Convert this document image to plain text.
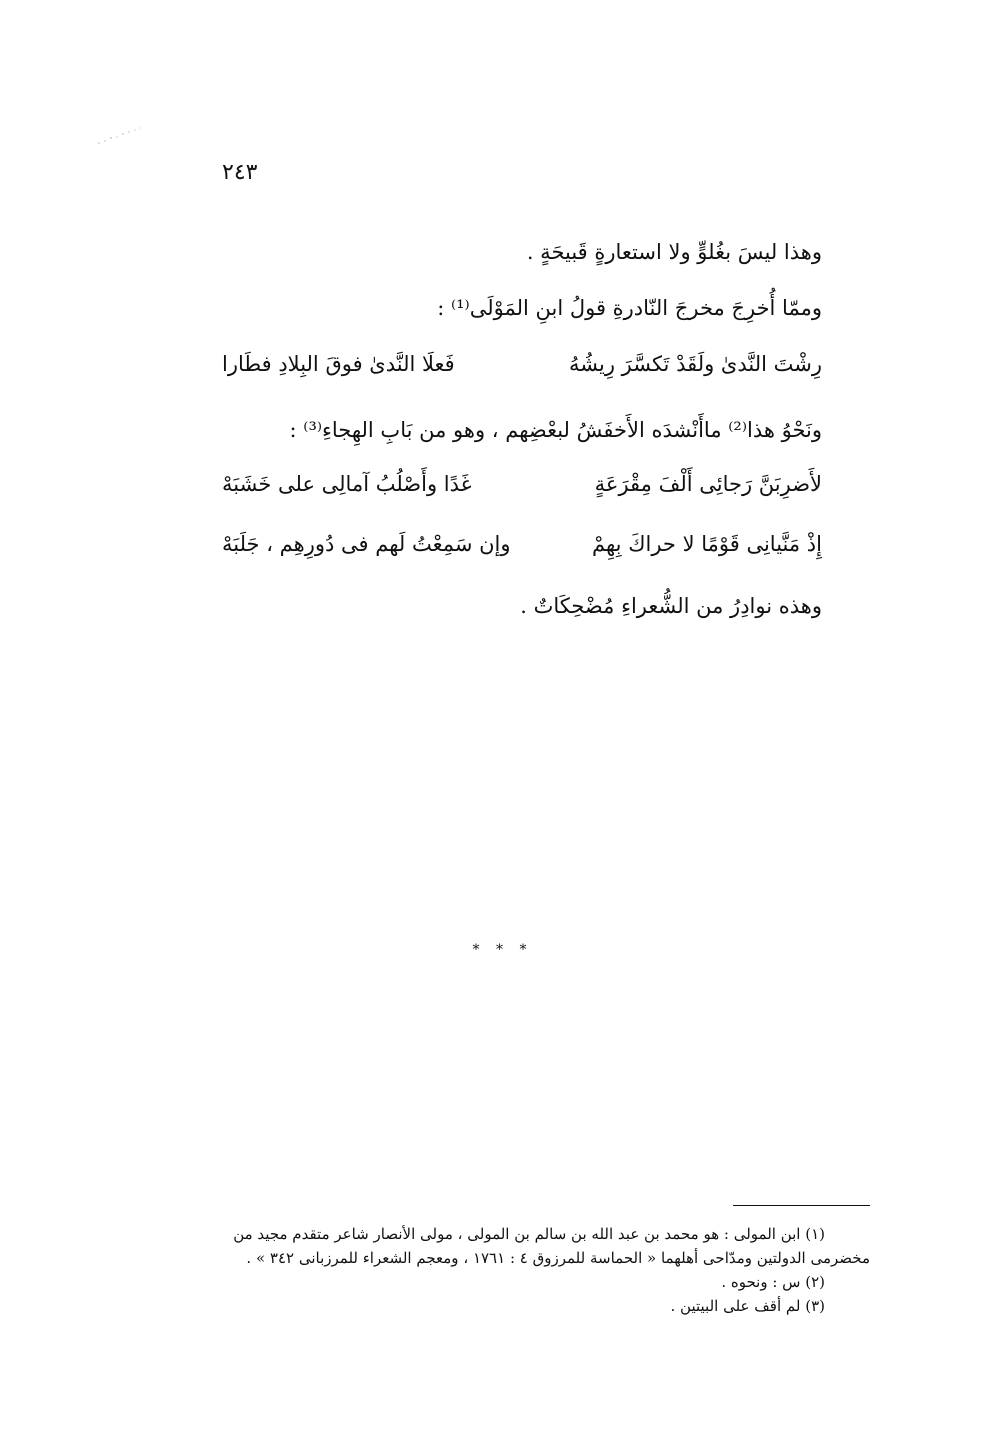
٢٤٣
وهذا ليسَ بغُلوٍّ ولا استعارةٍ قَبيحَةٍ .
وممّا أُخرِجَ مخرجَ النّادرةِ قولُ ابنِ المَوْلَى⁽¹⁾ :
رِشْتَ النَّدىٰ ولَقَدْ تَكسَّرَ رِيشُهُ
فَعلَا النَّدىٰ فوقَ البِلادِ فطَارا
ونَحْوُ هذا⁽²⁾ ماأَنْشدَه الأَخفَشُ لبعْضِهم ، وهو من بَابِ الهِجاءِ⁽³⁾ :
لأَضرِبَنَّ رَجائِى أَلْفَ مِقْرَعَةٍ
غَدًا وأَصْلُبُ آمالِى على خَشَبَهْ
إِذْ مَنَّيانِى قَوْمًا لا حراكَ بِهِمْ
وإن سَمِعْتُ لَهم فى دُورِهِم ، جَلَبَهْ
وهذه نوادِرُ من الشُّعراءِ مُضْحِكَاتٌ .
* * *
(١) ابن المولى : هو محمد بن عبد الله بن سالم بن المولى ، مولى الأنصار شاعر متقدم مجيد من
مخضرمى الدولتين ومدّاحى أهلهما « الحماسة للمرزوق ٤ : ١٧٦١ ، ومعجم الشعراء للمرزبانى ٣٤٢ » .
(٢) س : ونحوه .
(٣) لم أقف على البيتين .
